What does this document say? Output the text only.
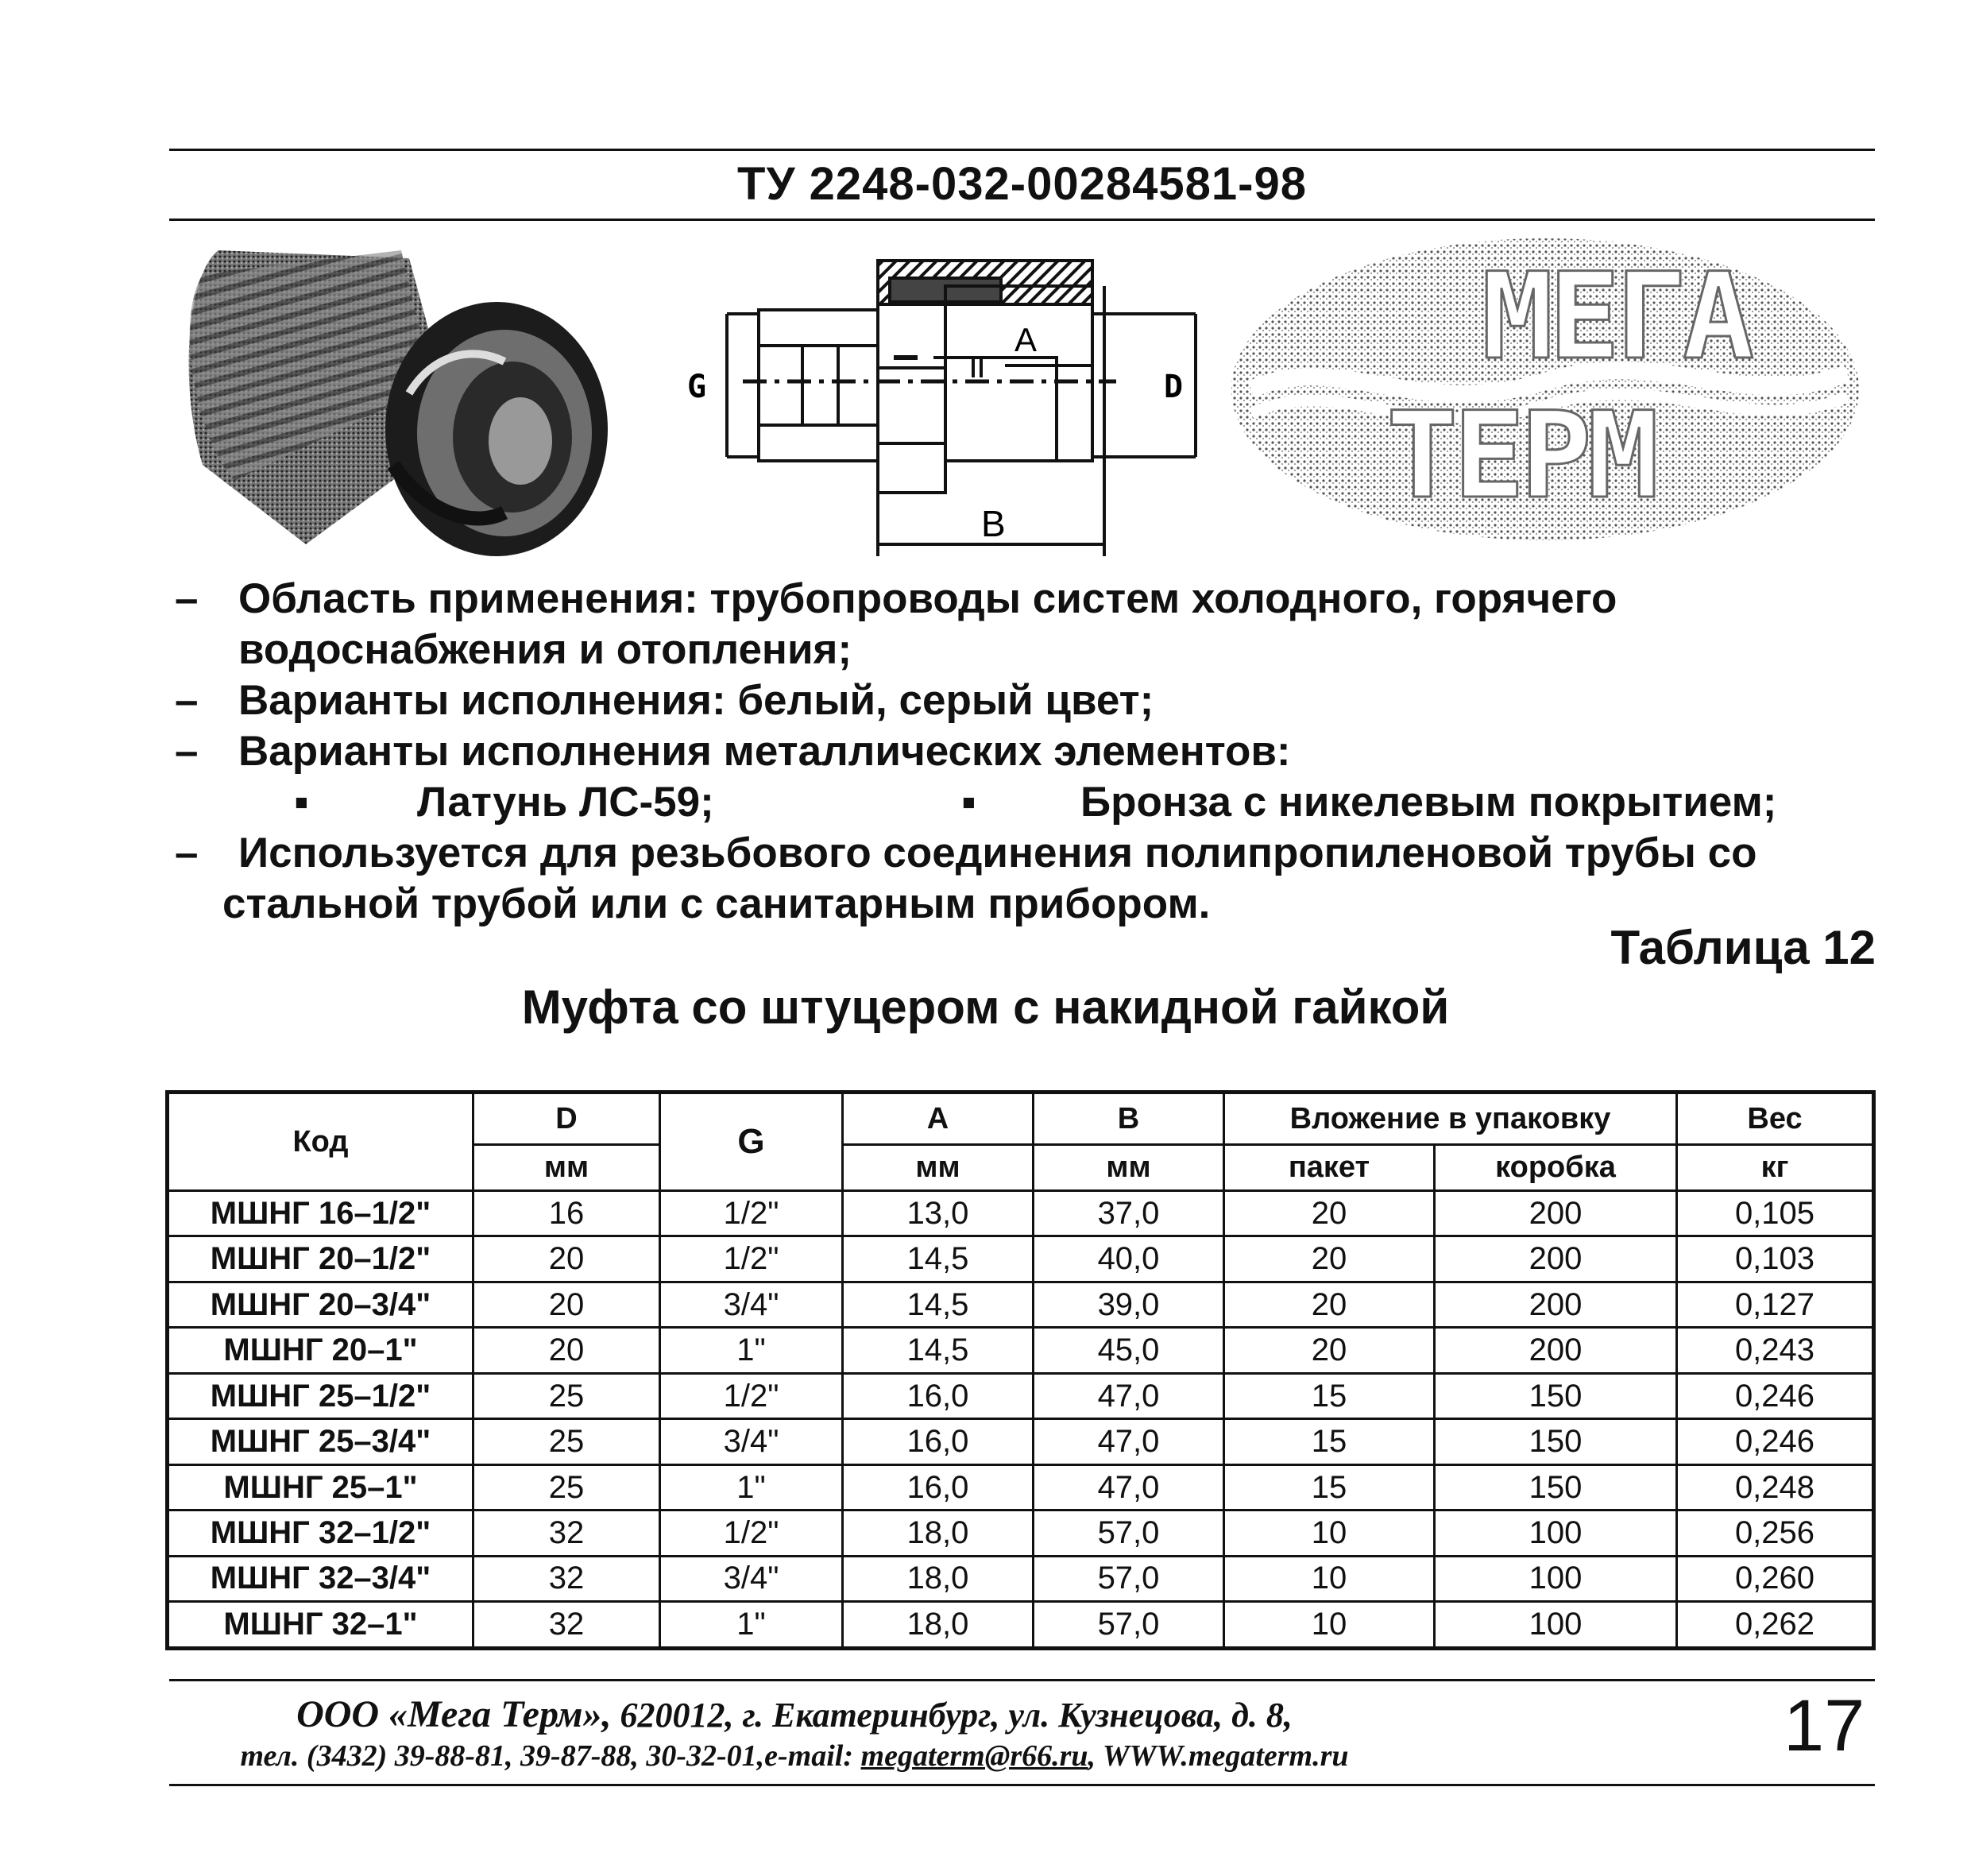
ТУ 2248-032-00284581-98
G
A
D
B
МЕГА
ТЕРМ
– Область применения: трубопроводы систем холодного, горячего
водоснабжения и отопления;
– Варианты исполнения: белый, серый цвет;
– Варианты исполнения металлических элементов:
▪	Латунь ЛС-59;	▪ Бронза с никелевым покрытием;
– Используется для резьбового соединения полипропиленовой трубы со
стальной трубой или с санитарным прибором.
Таблица 12
Муфта со штуцером с накидной гайкой
Код	D	G	A	B	Вложение в упаковку		Вес
	мм		мм	мм	пакет	коробка	кг
МШНГ 16–1/2"	16	1/2"	13,0	37,0	20	200	0,105
МШНГ 20–1/2"	20	1/2"	14,5	40,0	20	200	0,103
МШНГ 20–3/4"	20	3/4"	14,5	39,0	20	200	0,127
МШНГ 20–1"	20	1"	14,5	45,0	20	200	0,243
МШНГ 25–1/2"	25	1/2"	16,0	47,0	15	150	0,246
МШНГ 25–3/4"	25	3/4"	16,0	47,0	15	150	0,246
МШНГ 25–1"	25	1"	16,0	47,0	15	150	0,248
МШНГ 32–1/2"	32	1/2"	18,0	57,0	10	100	0,256
МШНГ 32–3/4"	32	3/4"	18,0	57,0	10	100	0,260
МШНГ 32–1"	32	1"	18,0	57,0	10	100	0,262
ООО «Мега Терм», 620012, г. Екатеринбург, ул. Кузнецова, д. 8,
тел. (3432) 39-88-81, 39-87-88, 30-32-01,e-mail: megaterm@r66.ru, WWW.megaterm.ru	17
